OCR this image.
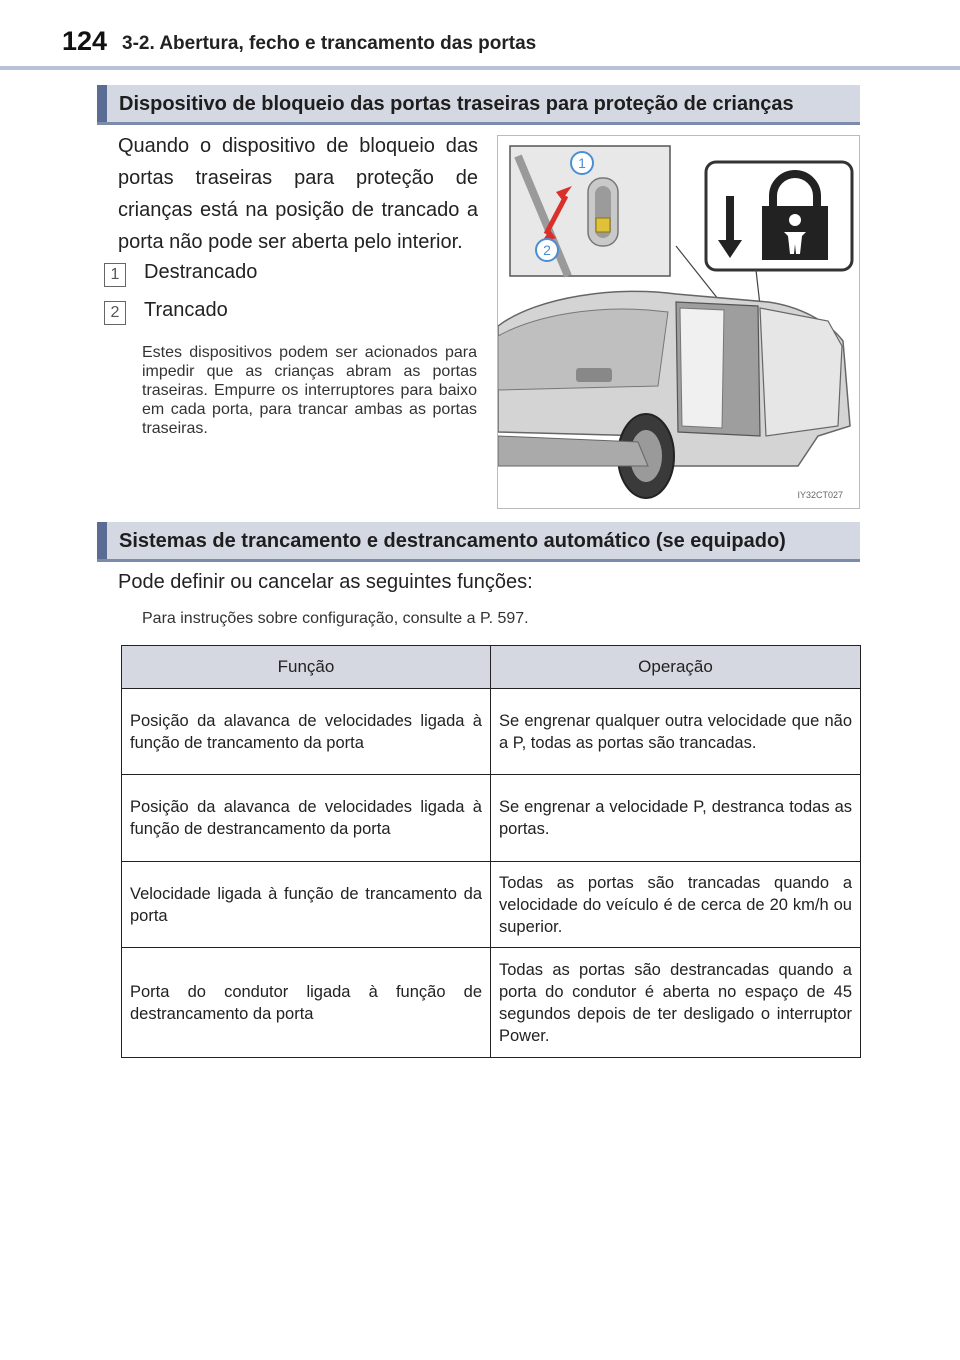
124 3-2. Abertura, fecho e trancamento das portas
Dispositivo de bloqueio das portas traseiras para proteção de crianças
Quando o dispositivo de bloqueio das portas traseiras para proteção de crianças está na posição de trancado a porta não pode ser aberta pelo interior.
1	Destrancado
2	Trancado
Estes dispositivos podem ser acionados para impedir que as crianças abram as portas traseiras. Empurre os interruptores para baixo em cada porta, para trancar ambas as portas traseiras.
1
2
IY32CT027
Sistemas de trancamento e destrancamento automático (se equipado)
Pode definir ou cancelar as seguintes funções:
Para instruções sobre configuração, consulte a P. 597.
Função	Operação
Posição da alavanca de velocidades ligada à função de trancamento da porta	Se engrenar qualquer outra velocidade que não a P, todas as portas são trancadas.
Posição da alavanca de velocidades ligada à função de destrancamento da porta	Se engrenar a velocidade P, destranca todas as portas.
Velocidade ligada à função de trancamento da porta	Todas as portas são trancadas quando a velocidade do veículo é de cerca de 20 km/h ou superior.
Porta do condutor ligada à função de destrancamento da porta	Todas as portas são destrancadas quando a porta do condutor é aberta no espaço de 45 segundos depois de ter desligado o interruptor Power.
